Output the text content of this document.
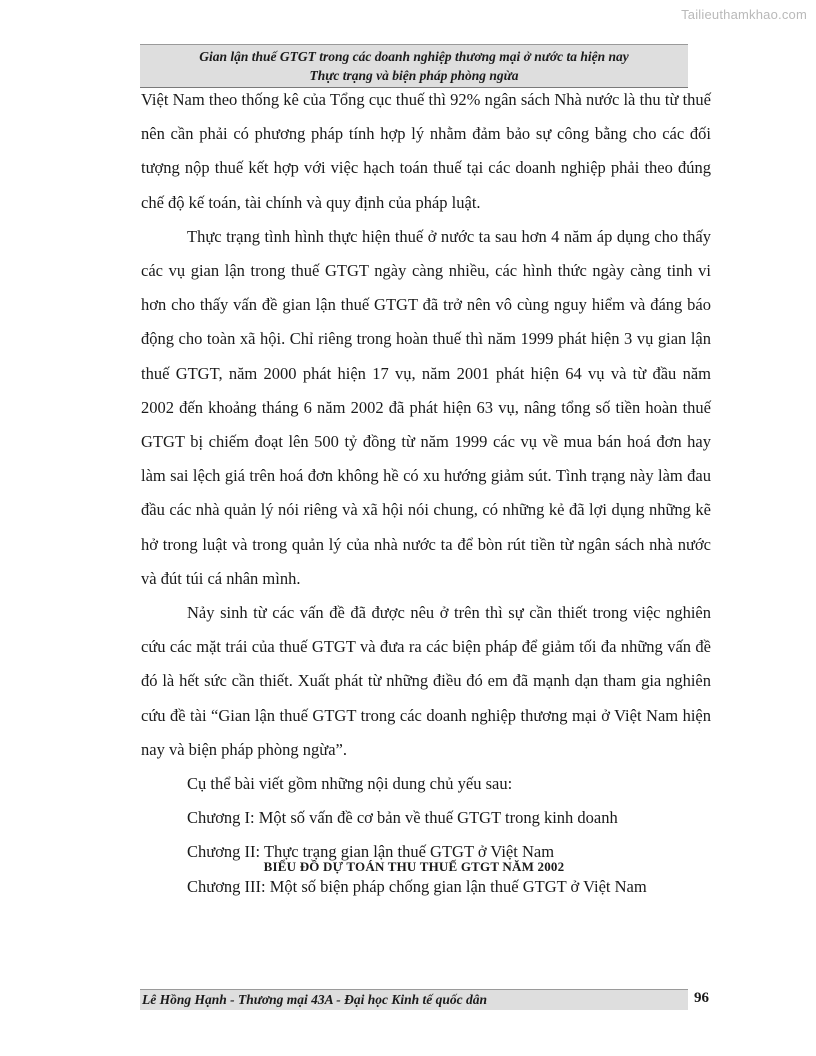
Tailieuthamkhao.com
Gian lận thuế GTGT trong các doanh nghiệp thương mại ở nước ta hiện nay
Thực trạng và biện pháp phòng ngừa

Việt Nam theo thống kê của Tổng cục thuế thì 92% ngân sách Nhà nước là thu từ thuế nên cần phải có phương pháp tính hợp lý nhằm đảm bảo sự công bằng cho các đối tượng nộp thuế kết hợp với việc hạch toán thuế tại các doanh nghiệp phải theo đúng chế độ kế toán, tài chính và quy định của pháp luật.

Thực trạng tình hình thực hiện thuế ở nước ta sau hơn 4 năm áp dụng cho thấy các vụ gian lận trong thuế GTGT ngày càng nhiều, các hình thức ngày càng tinh vi hơn cho thấy vấn đề gian lận thuế GTGT đã trở nên vô cùng nguy hiểm và đáng báo động cho toàn xã hội. Chỉ riêng trong hoàn thuế thì năm 1999 phát hiện 3 vụ gian lận thuế GTGT, năm 2000 phát hiện 17 vụ, năm 2001 phát hiện 64 vụ và từ đầu năm 2002 đến khoảng tháng 6 năm 2002 đã phát hiện 63 vụ, nâng tổng số tiền hoàn thuế GTGT bị chiếm đoạt lên 500 tỷ đồng từ năm 1999 các vụ về mua bán hoá đơn hay làm sai lệch giá trên hoá đơn không hề có xu hướng giảm sút. Tình trạng này làm đau đầu các nhà quản lý nói riêng và xã hội nói chung, có những kẻ đã lợi dụng những kẽ hở trong luật và trong quản lý của nhà nước ta để bòn rút tiền từ ngân sách nhà nước và đút túi cá nhân mình.

Nảy sinh từ các vấn đề đã được nêu ở trên thì sự cần thiết trong việc nghiên cứu các mặt trái của thuế GTGT và đưa ra các biện pháp để giảm tối đa những vấn đề đó là hết sức cần thiết. Xuất phát từ những điều đó em đã mạnh dạn tham gia nghiên cứu đề tài “Gian lận thuế GTGT trong các doanh nghiệp thương mại ở Việt Nam hiện nay và biện pháp phòng ngừa”.

Cụ thể bài viết gồm những nội dung chủ yếu sau:

Chương I: Một số vấn đề cơ bản về thuế GTGT trong kinh doanh

Chương II: Thực trạng gian lận thuế GTGT ở Việt Nam

Chương III: Một số biện pháp chống gian lận thuế GTGT ở Việt Nam

BIỂU ĐỒ DỰ TOÁN THU THUẾ GTGT NĂM 2002
Lê Hồng Hạnh - Thương mại 43A - Đại học Kinh tế quốc dân	96
